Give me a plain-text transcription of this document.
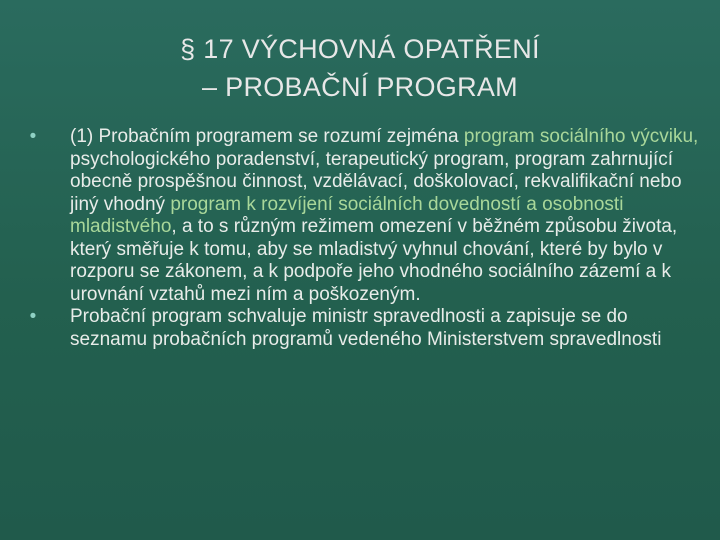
§ 17 VÝCHOVNÁ OPATŘENÍ
– PROBAČNÍ PROGRAM
•	(1) Probačním programem se rozumí zejména program sociálního výcviku, psychologického poradenství, terapeutický program, program zahrnující obecně prospěšnou činnost, vzdělávací, doškolovací, rekvalifikační nebo jiný vhodný program k rozvíjení sociálních dovedností a osobnosti mladistvého, a to s různým režimem omezení v běžném způsobu života, který směřuje k tomu, aby se mladistvý vyhnul chování, které by bylo v rozporu se zákonem, a k podpoře jeho vhodného sociálního zázemí a k urovnání vztahů mezi ním a poškozeným.
•	Probační program schvaluje ministr spravedlnosti a zapisuje se do seznamu probačních programů vedeného Ministerstvem spravedlnosti
